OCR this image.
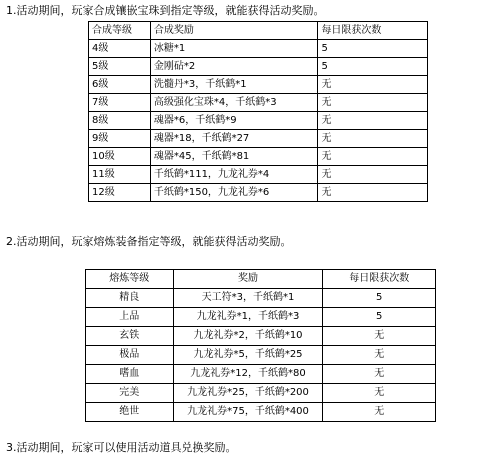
1.活动期间，玩家合成镶嵌宝珠到指定等级，就能获得活动奖励。
合成等级	合成奖励	每日限获次数
4级	冰糖*1	5
5级	金刚砧*2	5
6级	洗髓丹*3，千纸鹤*1	无
7级	高级强化宝珠*4，千纸鹤*3	无
8级	魂器*6，千纸鹤*9	无
9级	魂器*18，千纸鹤*27	无
10级	魂器*45，千纸鹤*81	无
11级	千纸鹤*111，九龙礼券*4	无
12级	千纸鹤*150，九龙礼券*6	无
2.活动期间，玩家熔炼装备指定等级，就能获得活动奖励。
熔炼等级	奖励	每日限获次数
精良	天工符*3，千纸鹤*1	5
上品	九龙礼券*1，千纸鹤*3	5
玄铁	九龙礼券*2，千纸鹤*10	无
极品	九龙礼券*5，千纸鹤*25	无
嗜血	九龙礼券*12，千纸鹤*80	无
完美	九龙礼券*25，千纸鹤*200	无
绝世	九龙礼券*75，千纸鹤*400	无
3.活动期间，玩家可以使用活动道具兑换奖励。
